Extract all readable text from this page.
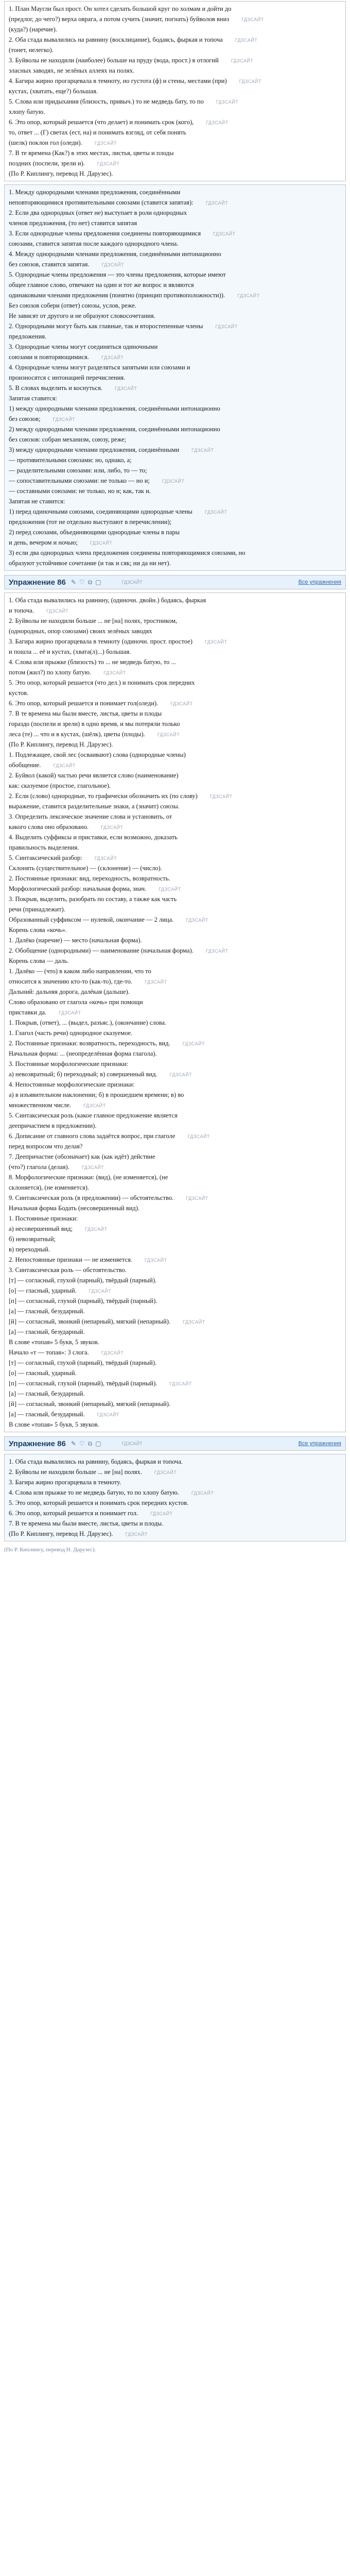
1. План Маугли был прост. Он хотел сделать большой круг по холмам и дойти до
(предлог, до чего?) верха оврага, а потом сучить (значит, погнать) буйволов вниз	ГДЗСАЙТ
(кудa?) (наречие).
2. Оба стада вывалились на равнину (восклицание), бодаясь, фыркая и топоча	ГДЗСАЙТ
(тонет, нелегко).
3. Буйволы не находили (наиболее) больше на пруду (вода, прост.) в отлогий	ГДЗСАЙТ
эласных заводях, не зелёных аллеях на полях.
4. Багира жирно прогарцевала в темноту, но густота (ф) и стены, местами (при)	ГДЗСАЙТ
кустах, (хватать, еще?) большая.
5. Слова или придыхания (близость, привыч.) то не медведь бату, то по	ГДЗСАЙТ
хлопу батую.
6. Это опор, который решается (что делает) и понимать срок (кого),	ГДЗСАЙТ
то, ответ ... (Г) светах (ест, на) и понимать взгляд, от себя понять
(шелк) поклон гол (оледи).	ГДЗСАЙТ
7. В те времена (Как?) в этих местах, листья, цветы и плоды
поздних (поспели, зрели и).	ГДЗСАЙТ
(По Р. Киплингу, перевод Н. Дарузес).
1. Между однородными членами предложения, соединёнными
неповторяющимися противительными союзами (ставится запятая):	ГДЗСАЙТ
2. Если два однородных (ответ не) выступает в роли однородных
членов предложения, (то нет) ставится запятая
3. Если однородные члены предложения соединены повторяющимися	ГДЗСАЙТ
союзами, ставится запятая после каждого однородного члена.
4. Между однородными членами предложения, соединёнными интонационно
без союзов, ставится запятая.	ГДЗСАЙТ
5. Однородные члены предложения — это члены предложения, которые имеют
общее главное слово, отвечают на один и тот же вопрос и являются
одинаковыми членами предложения (понятно (принцип противоположности)).	ГДЗСАЙТ
Без союзов собери (ответ) союзы, услов, реже.
Не зависят от другого и не образуют словосочетания.
2. Однородными могут быть как главные, так и второстепенные члены	ГДЗСАЙТ
предложения.
3. Однородные члены могут соединяться одиночными
союзами и повторяющимися.	ГДЗСАЙТ
4. Однородные члены могут разделяться запятыми или союзами и
произносятся с интонацией перечисления.
5. В словах выделить и коснуться.	ГДЗСАЙТ
Запятая ставится:
1) между однородными членами предложения, соединёнными интонационно
без союзов;	ГДЗСАЙТ
2) между однородными членами предложения, соединёнными интонационно
без союзов: собран механизм, союзу, реже;
3) между однородными членами предложения, соединёнными	ГДЗСАЙТ
— противительными союзами: но, однако, а;
— разделительными союзами: или, либо, то — то;
— сопоставительными союзами: не только — но и;	ГДЗСАЙТ
— составными союзами: не только, но и; как, так и.
Запятая не ставится:
1) перед одиночными союзами, соединяющими однородные члены	ГДЗСАЙТ
предложения (тот не отдельно выступают в перечислении);
2) перед союзами, объединяющими однородные члены в пары
и день, вечером и ночью;	ГДЗСАЙТ
3) если два однородных члена предложения соединены повторяющимися союзами, но
образуют устойчивое сочетание (и так и сяк; ни да ни нет).
Упражнение 86 ✎ ♡ ⧉ ▢	ГДЗСАЙТ	Все упражнения
1. Оба стада вывалились на равнину, (одиночн. двойн.) бодаясь, фыркая
и топоча.	ГДЗСАЙТ
2. Буйволы не находили больше ... не [на] полях, тростником,
(однородных, опор союзами) своих зелёных заводях
3. Багира жирно прогарцевала в темноту (одиночн. прост. простое)	ГДЗСАЙТ
и пошла ... её и кустах, (хвата(л)...) большая.
4. Слова или прыжке (близость) то ... не медведь батую, то ...
потом (жил?) по хлопу батую.	ГДЗСАЙТ
5. Это опор, который решается (что дел.) и понимать срок передних
кустов.
6. Это опор, который решается и понимает гол(оледи).	ГДЗСАЙТ
7. В те времена мы были вместе, листья, цветы и плоды
гораздо (поспели и зрели) в одно время, и мы потеряли только
леса (те) ... что и в кустах, (шёлк), цветы (плоды).	ГДЗСАЙТ
(По Р. Киплингу, перевод Н. Дарузес).
1. Подлежащее, свой лес (осваивают) слова (однородные члены)
обобщение.	ГДЗСАЙТ
2. Буйвол (какой) частью речи является слово (наименование)
как: сказуемое (простое, глагольное).
2. Если (слово) однородные, то графически обозначить их (по слову)	ГДЗСАЙТ
выражение, ставится разделительные знаки, а (значит) союзы.
3. Определить лексическое значение слова и установить, от
какого слова оно образовано.	ГДЗСАЙТ
4. Выделить суффиксы и приставки, если возможно, доказать
правильность выделения.
5. Синтаксический разбор:	ГДЗСАЙТ
Склонять (существительное) — (склонение) — (число).
2. Постоянные признаки: вид, переходность, возвратность.
Морфологический разбор: начальная форма, знач.	ГДЗСАЙТ
3. Покрыв, выделить, разобрать по составу, а также как часть
речи (принадлежит).
Образованный суффиксом — нулевой, окончание — 2 лица.	ГДЗСАЙТ
Корень слова «кочь».
1. Далёко (наречие) — место (начальная форма).
2. Обобщение (однородными) — наименование (начальная форма).	ГДЗСАЙТ
Корень слова — даль.
1. Далёко — (что) в каком либо направлении, что то
относится к значению кто-то (как-то), где-то.	ГДЗСАЙТ
Дальний: дальняя дорога, далёкая (дальше).
Слово образовано от глагола «кочь» при помощи
приставки да.	ГДЗСАЙТ
1. Покрыв, (ответ), ... (выдел, разъяс.), (окончание) слова.
1. Глагол (часть речи) однородное сказуемое.
2. Постоянные признаки: возвратность, переходность, вид.	ГДЗСАЙТ
Начальная форма: ... (неопределённая форма глагола).
3. Постоянные морфологические признаки:
а) невозвратный; б) переходный; в) совершенный вид.	ГДЗСАЙТ
4. Непостоянные морфологические признаки:
а) в изъявительном наклонении; б) в прошедшем времени; в) во
множественном числе.	ГДЗСАЙТ
5. Синтаксическая роль (какое главное предложение является
деепричастием в предложении).
6. Дописание от главного слова задаётся вопрос, при глаголе	ГДЗСАЙТ
перед вопросом что делая?
7. Деепричастие (обозначает) как (как идёт) действие
(что?) глагола (делая).	ГДЗСАЙТ
8. Морфологические признаки: (вид), (не изменяется), (не
склоняется), (не изменяется).
9. Синтаксическая роль (в предложении) — обстоятельство.	ГДЗСАЙТ
Начальная форма Бодать (несовершенный вид).
1. Постоянные признаки:
а) несовершенный вид;	ГДЗСАЙТ
б) невозвратный;
в) переходный.
2. Непостоянные признаки — не изменяется.	ГДЗСАЙТ
3. Синтаксическая роль — обстоятельство.
[т] — согласный, глухой (парный), твёрдый (парный).
[о] — гласный, ударный.	ГДЗСАЙТ
[п] — согласный, глухой (парный), твёрдый (парный).
[а] — гласный, безударный.
[й] — согласный, звонкий (непарный), мягкий (непарный).	ГДЗСАЙТ
[а] — гласный, безударный.
В слове «топая» 5 букв, 5 звуков.
Начало «т — топая»: 3 слога.	ГДЗСАЙТ
[т] — согласный, глухой (парный), твёрдый (парный).
[о] — гласный, ударный.
[п] — согласный, глухой (парный), твёрдый (парный).	ГДЗСАЙТ
[а] — гласный, безударный.
[й] — согласный, звонкий (непарный), мягкий (непарный).
[а] — гласный, безударный.	ГДЗСАЙТ
В слове «топая» 5 букв, 5 звуков.
Упражнение 86 ✎ ♡ ⧉ ▢	ГДЗСАЙТ	Все упражнения
1. Оба стада вывалились на равнину, бодаясь, фыркая и топоча.
2. Буйволы не находили больше ... не [на] полях.	ГДЗСАЙТ
3. Багира жирно прогарцевала в темноту.
4. Слова или прыжке то не медведь батую, то по хлопу батую.	ГДЗСАЙТ
5. Это опор, который решается и понимать срок передних кустов.
6. Это опор, который решается и понимает гол.	ГДЗСАЙТ
7. В те времена мы были вместе, листья, цветы и плоды.
(По Р. Киплингу, перевод Н. Дарузес).	ГДЗСАЙТ
(По Р. Киплингу, перевод Н. Дарузес).
